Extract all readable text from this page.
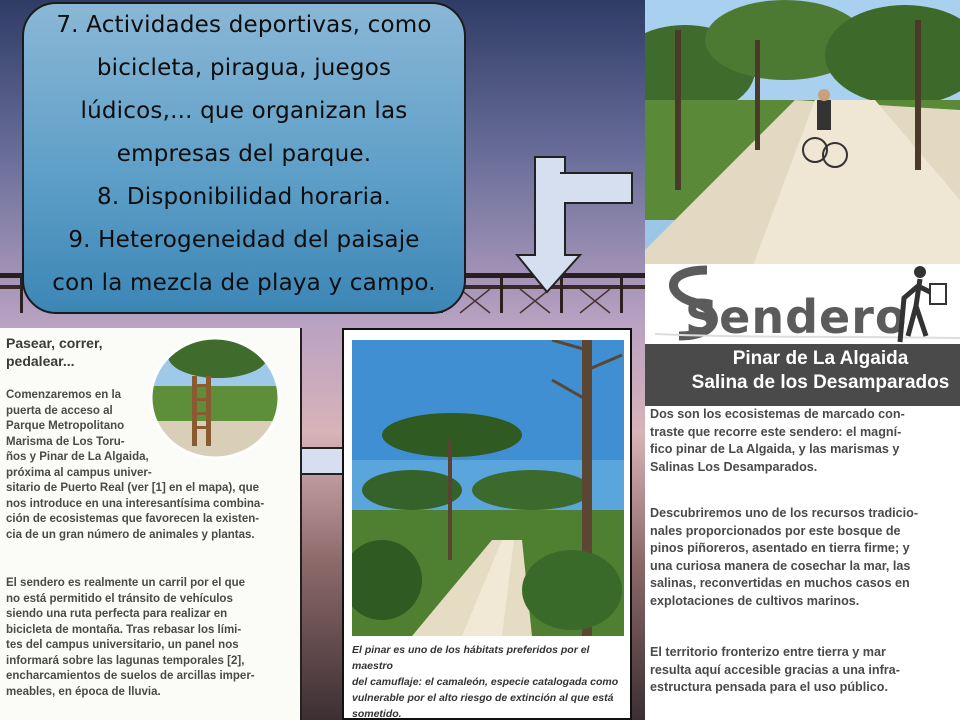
7. Actividades deportivas, como
bicicleta, piragua, juegos
lúdicos,... que organizan las
empresas del parque.
8. Disponibilidad horaria.
9. Heterogeneidad del paisaje
con la mezcla de playa y campo.
Sendero
Pinar de La Algaida
Salina de los Desamparados

Dos son los ecosistemas de marcado con-
traste que recorre este sendero: el magní-
fico pinar de La Algaida, y las marismas y
Salinas Los Desamparados.

Descubriremos uno de los recursos tradicio-
nales proporcionados por este bosque de
pinos piñoreros, asentado en tierra firme; y
una curiosa manera de cosechar la mar, las
salinas, reconvertidas en muchos casos en
explotaciones de cultivos marinos.

El territorio fronterizo entre tierra y mar
resulta aquí accesible gracias a una infra-
estructura pensada para el uso público.

Pasear, correr,
pedalear...

Comenzaremos en la
puerta de acceso al
Parque Metropolitano
Marisma de Los Toru-
ños y Pinar de La Algaida,
próxima al campus univer-
sitario de Puerto Real (ver [1] en el mapa), que
nos introduce en una interesantísima combina-
ción de ecosistemas que favorecen la existen-
cia de un gran número de animales y plantas.

El sendero es realmente un carril por el que
no está permitido el tránsito de vehículos
siendo una ruta perfecta para realizar en
bicicleta de montaña. Tras rebasar los lími-
tes del campus universitario, un panel nos
informará sobre las lagunas temporales [2],
encharcamientos de suelos de arcillas imper-
meables, en época de lluvia.

El pinar es uno de los hábitats preferidos por el maestro
del camuflaje: el camaleón, especie catalogada como
vulnerable por el alto riesgo de extinción al que está
sometido.
